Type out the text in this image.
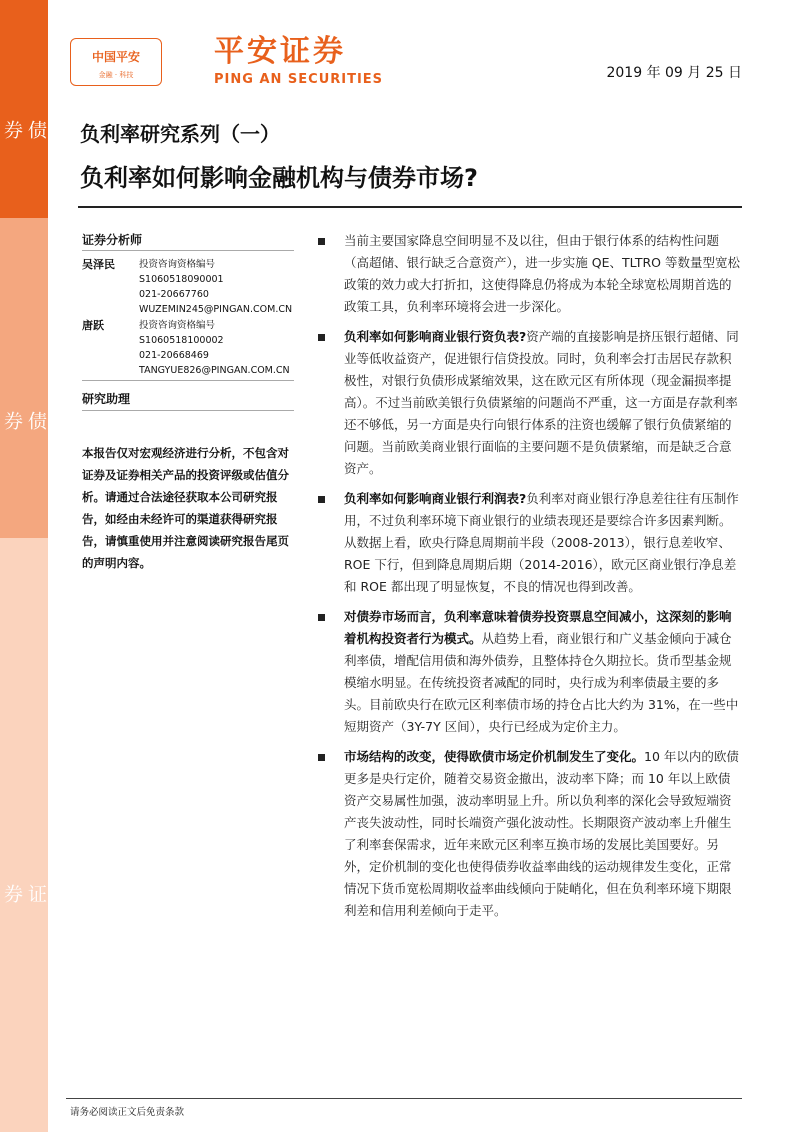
债
券
债
券
证
券
中国平安
金融 · 科技
平安证券
PING AN SECURITIES	2019 年 09 月 25 日
负利率研究系列（一）
负利率如何影响金融机构与债券市场?
证券分析师
吴泽民	投资咨询资格编号
S1060518090001
021-20667760
WUZEMIN245@PINGAN.COM.CN
唐跃	投资咨询资格编号
S1060518100002
021-20668469
TANGYUE826@PINGAN.COM.CN
研究助理
本报告仅对宏观经济进行分析，不包含对证券及证券相关产品的投资评级或估值分析。请通过合法途径获取本公司研究报告，如经由未经许可的渠道获得研究报告，请慎重使用并注意阅读研究报告尾页的声明内容。
当前主要国家降息空间明显不及以往，但由于银行体系的结构性问题（高超储、银行缺乏合意资产），进一步实施 QE、TLTRO 等数量型宽松政策的效力或大打折扣，这使得降息仍将成为本轮全球宽松周期首选的政策工具，负利率环境将会进一步深化。
负利率如何影响商业银行资负表?资产端的直接影响是挤压银行超储、同业等低收益资产，促进银行信贷投放。同时，负利率会打击居民存款积极性，对银行负债形成紧缩效果，这在欧元区有所体现（现金漏损率提高）。不过当前欧美银行负债紧缩的问题尚不严重，这一方面是存款利率还不够低，另一方面是央行向银行体系的注资也缓解了银行负债紧缩的问题。当前欧美商业银行面临的主要问题不是负债紧缩，而是缺乏合意资产。
负利率如何影响商业银行利润表?负利率对商业银行净息差往往有压制作用，不过负利率环境下商业银行的业绩表现还是要综合许多因素判断。从数据上看，欧央行降息周期前半段（2008-2013），银行息差收窄、ROE 下行，但到降息周期后期（2014-2016），欧元区商业银行净息差和 ROE 都出现了明显恢复，不良的情况也得到改善。
对债券市场而言，负利率意味着债券投资票息空间减小，这深刻的影响着机构投资者行为模式。从趋势上看，商业银行和广义基金倾向于减仓利率债，增配信用债和海外债券，且整体持仓久期拉长。货币型基金规模缩水明显。在传统投资者减配的同时，央行成为利率债最主要的多头。目前欧央行在欧元区利率债市场的持仓占比大约为 31%，在一些中短期资产（3Y-7Y 区间），央行已经成为定价主力。
市场结构的改变，使得欧债市场定价机制发生了变化。10 年以内的欧债更多是央行定价，随着交易资金撤出，波动率下降；而 10 年以上欧债资产交易属性加强，波动率明显上升。所以负利率的深化会导致短端资产丧失波动性，同时长端资产强化波动性。长期限资产波动率上升催生了利率套保需求，近年来欧元区利率互换市场的发展比美国要好。另外，定价机制的变化也使得债券收益率曲线的运动规律发生变化，正常情况下货币宽松周期收益率曲线倾向于陡峭化，但在负利率环境下期限利差和信用利差倾向于走平。
请务必阅读正文后免责条款
